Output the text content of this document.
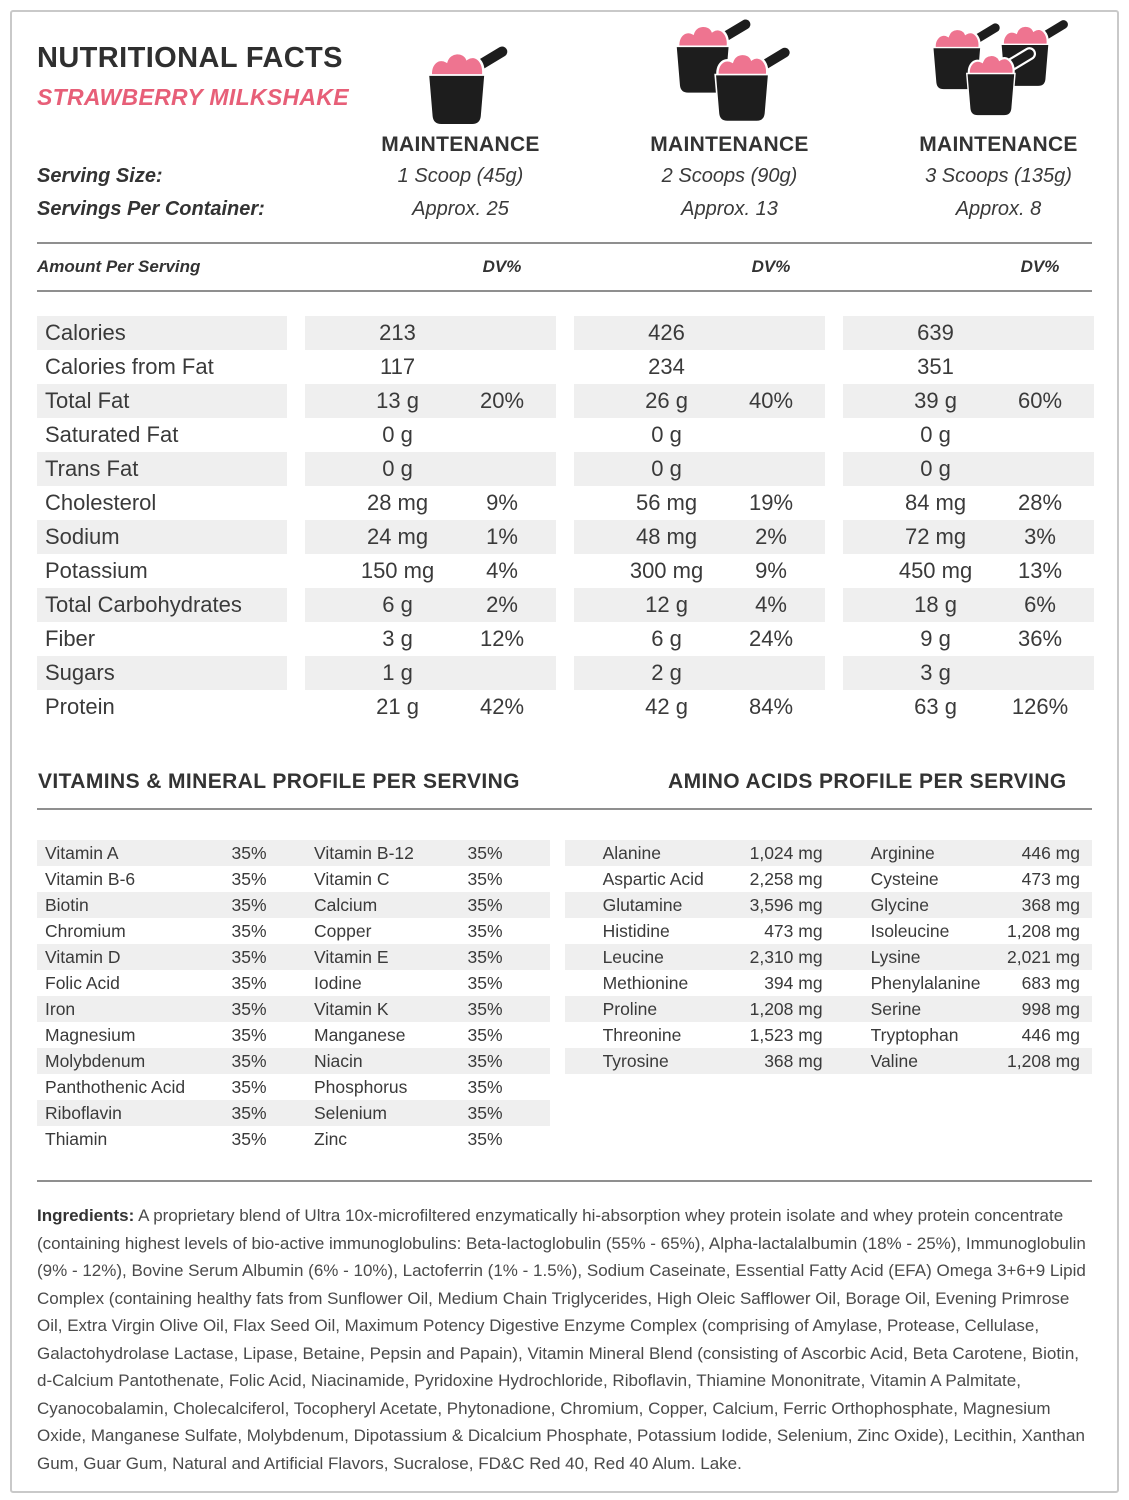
NUTRITIONAL FACTS
STRAWBERRY MILKSHAKE
MAINTENANCE	MAINTENANCE	MAINTENANCE
Serving Size:	1 Scoop (45g)	2 Scoops (90g)	3 Scoops (135g)
Servings Per Container:	Approx. 25	Approx. 13	Approx. 8
Amount Per Serving	DV%	DV%	DV%
Calories	213	426	639
Calories from Fat	117	234	351
Total Fat	13 g	20%	26 g	40%	39 g	60%
Saturated Fat	0 g	0 g	0 g
Trans Fat	0 g	0 g	0 g
Cholesterol	28 mg	9%	56 mg	19%	84 mg	28%
Sodium	24 mg	1%	48 mg	2%	72 mg	3%
Potassium	150 mg	4%	300 mg	9%	450 mg	13%
Total Carbohydrates	6 g	2%	12 g	4%	18 g	6%
Fiber	3 g	12%	6 g	24%	9 g	36%
Sugars	1 g	2 g	3 g
Protein	21 g	42%	42 g	84%	63 g	126%
VITAMINS & MINERAL PROFILE PER SERVING	AMINO ACIDS PROFILE PER SERVING
Vitamin A	35%	Vitamin B-12	35%
Vitamin B-6	35%	Vitamin C	35%
Biotin	35%	Calcium	35%
Chromium	35%	Copper	35%
Vitamin D	35%	Vitamin E	35%
Folic Acid	35%	Iodine	35%
Iron	35%	Vitamin K	35%
Magnesium	35%	Manganese	35%
Molybdenum	35%	Niacin	35%
Panthothenic Acid	35%	Phosphorus	35%
Riboflavin	35%	Selenium	35%
Thiamin	35%	Zinc	35%
Alanine	1,024 mg	Arginine	446 mg
Aspartic Acid	2,258 mg	Cysteine	473 mg
Glutamine	3,596 mg	Glycine	368 mg
Histidine	473 mg	Isoleucine	1,208 mg
Leucine	2,310 mg	Lysine	2,021 mg
Methionine	394 mg	Phenylalanine	683 mg
Proline	1,208 mg	Serine	998 mg
Threonine	1,523 mg	Tryptophan	446 mg
Tyrosine	368 mg	Valine	1,208 mg

Ingredients: A proprietary blend of Ultra 10x-microfiltered enzymatically hi-absorption whey protein isolate and whey protein concentrate (containing highest levels of bio-active immunoglobulins: Beta-lactoglobulin (55% - 65%), Alpha-lactalalbumin (18% - 25%), Immunoglobulin (9% - 12%), Bovine Serum Albumin (6% - 10%), Lactoferrin (1% - 1.5%), Sodium Caseinate, Essential Fatty Acid (EFA) Omega 3+6+9 Lipid Complex (containing healthy fats from Sunflower Oil, Medium Chain Triglycerides, High Oleic Safflower Oil, Borage Oil, Evening Primrose Oil, Extra Virgin Olive Oil, Flax Seed Oil, Maximum Potency Digestive Enzyme Complex (comprising of Amylase, Protease, Cellulase, Galactohydrolase Lactase, Lipase, Betaine, Pepsin and Papain), Vitamin Mineral Blend (consisting of Ascorbic Acid, Beta Carotene, Biotin, d-Calcium Pantothenate, Folic Acid, Niacinamide, Pyridoxine Hydrochloride, Riboflavin, Thiamine Mononitrate, Vitamin A Palmitate, Cyanocobalamin, Cholecalciferol, Tocopheryl Acetate, Phytonadione, Chromium, Copper, Calcium, Ferric Orthophosphate, Magnesium Oxide, Manganese Sulfate, Molybdenum, Dipotassium & Dicalcium Phosphate, Potassium Iodide, Selenium, Zinc Oxide), Lecithin, Xanthan Gum, Guar Gum, Natural and Artificial Flavors, Sucralose, FD&C Red 40, Red 40 Alum. Lake.
